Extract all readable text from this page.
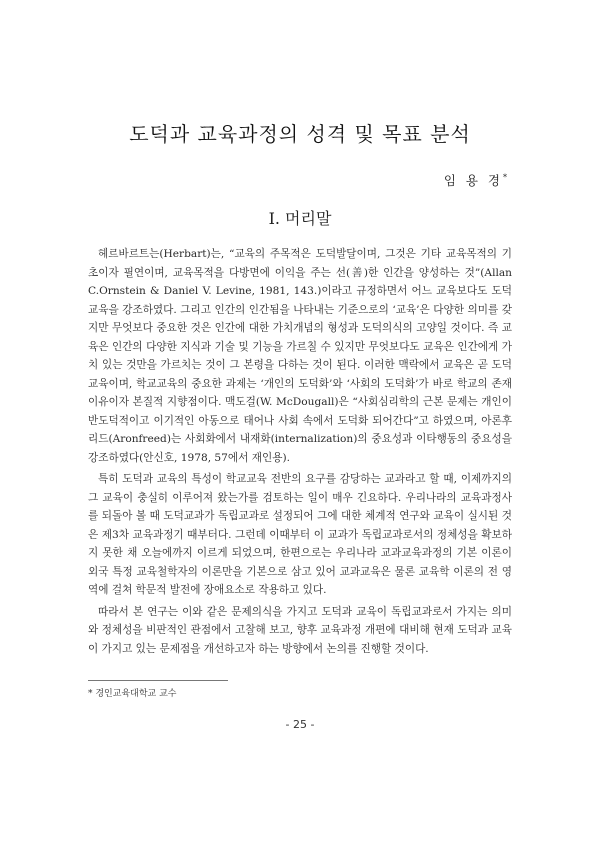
도덕과 교육과정의 성격 및 목표 분석
임 용 경*
Ⅰ. 머리말

헤르바르트는(Herbart)는, “교육의 주목적은 도덕발달이며, 그것은 기타 교육목적의 기초이자 필연이며, 교육목적을 다방면에 이익을 주는 선(善)한 인간을 양성하는 것”(Allan C.Ornstein & Daniel V. Levine, 1981, 143.)이라고 규정하면서 어느 교육보다도 도덕교육을 강조하였다. 그리고 인간의 인간됨을 나타내는 기준으로의 ‘교육’은 다양한 의미를 갖지만 무엇보다 중요한 것은 인간에 대한 가치개념의 형성과 도덕의식의 고양일 것이다. 즉 교육은 인간의 다양한 지식과 기술 및 기능을 가르칠 수 있지만 무엇보다도 교육은 인간에게 가치 있는 것만을 가르치는 것이 그 본령을 다하는 것이 된다. 이러한 맥락에서 교육은 곧 도덕교육이며, 학교교육의 중요한 과제는 ‘개인의 도덕화’와 ‘사회의 도덕화’가 바로 학교의 존재이유이자 본질적 지향점이다. 맥도걸(W. McDougall)은 “사회심리학의 근본 문제는 개인이 반도덕적이고 이기적인 아동으로 태어나 사회 속에서 도덕화 되어간다”고 하였으며, 아론후리드(Aronfreed)는 사회화에서 내재화(internalization)의 중요성과 이타행동의 중요성을 강조하였다(안신호, 1978, 57에서 재인용).

특히 도덕과 교육의 특성이 학교교육 전반의 요구를 감당하는 교과라고 할 때, 이제까지의 그 교육이 충실히 이루어져 왔는가를 검토하는 일이 매우 긴요하다. 우리나라의 교육과정사를 되돌아 볼 때 도덕교과가 독립교과로 설정되어 그에 대한 체계적 연구와 교육이 실시된 것은 제3차 교육과정기 때부터다. 그런데 이때부터 이 교과가 독립교과로서의 정체성을 확보하지 못한 채 오늘에까지 이르게 되었으며, 한편으로는 우리나라 교과교육과정의 기본 이론이 외국 특정 교육철학자의 이론만을 기본으로 삼고 있어 교과교육은 물론 교육학 이론의 전 영역에 걸쳐 학문적 발전에 장애요소로 작용하고 있다.

따라서 본 연구는 이와 같은 문제의식을 가지고 도덕과 교육이 독립교과로서 가지는 의미와 정체성을 비판적인 관점에서 고찰해 보고, 향후 교육과정 개편에 대비해 현재 도덕과 교육이 가지고 있는 문제점을 개선하고자 하는 방향에서 논의를 진행할 것이다.

* 경인교육대학교 교수
- 25 -
